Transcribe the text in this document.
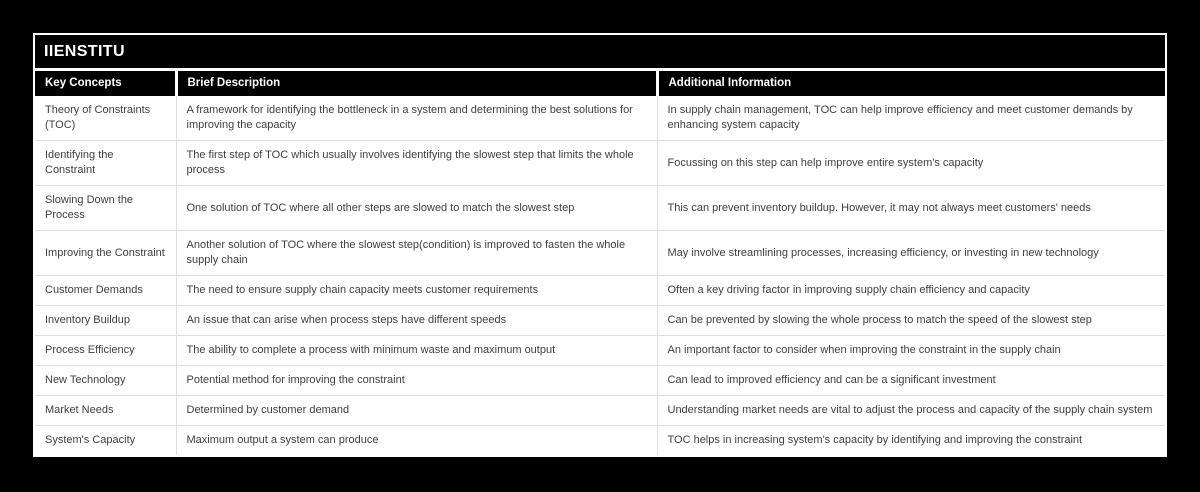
IIENSTITU
Key Concepts	Brief Description	Additional Information
Theory of Constraints (TOC)	A framework for identifying the bottleneck in a system and determining the best solutions for improving the capacity	In supply chain management, TOC can help improve efficiency and meet customer demands by enhancing system capacity
Identifying the Constraint	The first step of TOC which usually involves identifying the slowest step that limits the whole process	Focussing on this step can help improve entire system's capacity
Slowing Down the Process	One solution of TOC where all other steps are slowed to match the slowest step	This can prevent inventory buildup. However, it may not always meet customers' needs
Improving the Constraint	Another solution of TOC where the slowest step(condition) is improved to fasten the whole supply chain	May involve streamlining processes, increasing efficiency, or investing in new technology
Customer Demands	The need to ensure supply chain capacity meets customer requirements	Often a key driving factor in improving supply chain efficiency and capacity
Inventory Buildup	An issue that can arise when process steps have different speeds	Can be prevented by slowing the whole process to match the speed of the slowest step
Process Efficiency	The ability to complete a process with minimum waste and maximum output	An important factor to consider when improving the constraint in the supply chain
New Technology	Potential method for improving the constraint	Can lead to improved efficiency and can be a significant investment
Market Needs	Determined by customer demand	Understanding market needs are vital to adjust the process and capacity of the supply chain system
System's Capacity	Maximum output a system can produce	TOC helps in increasing system's capacity by identifying and improving the constraint
